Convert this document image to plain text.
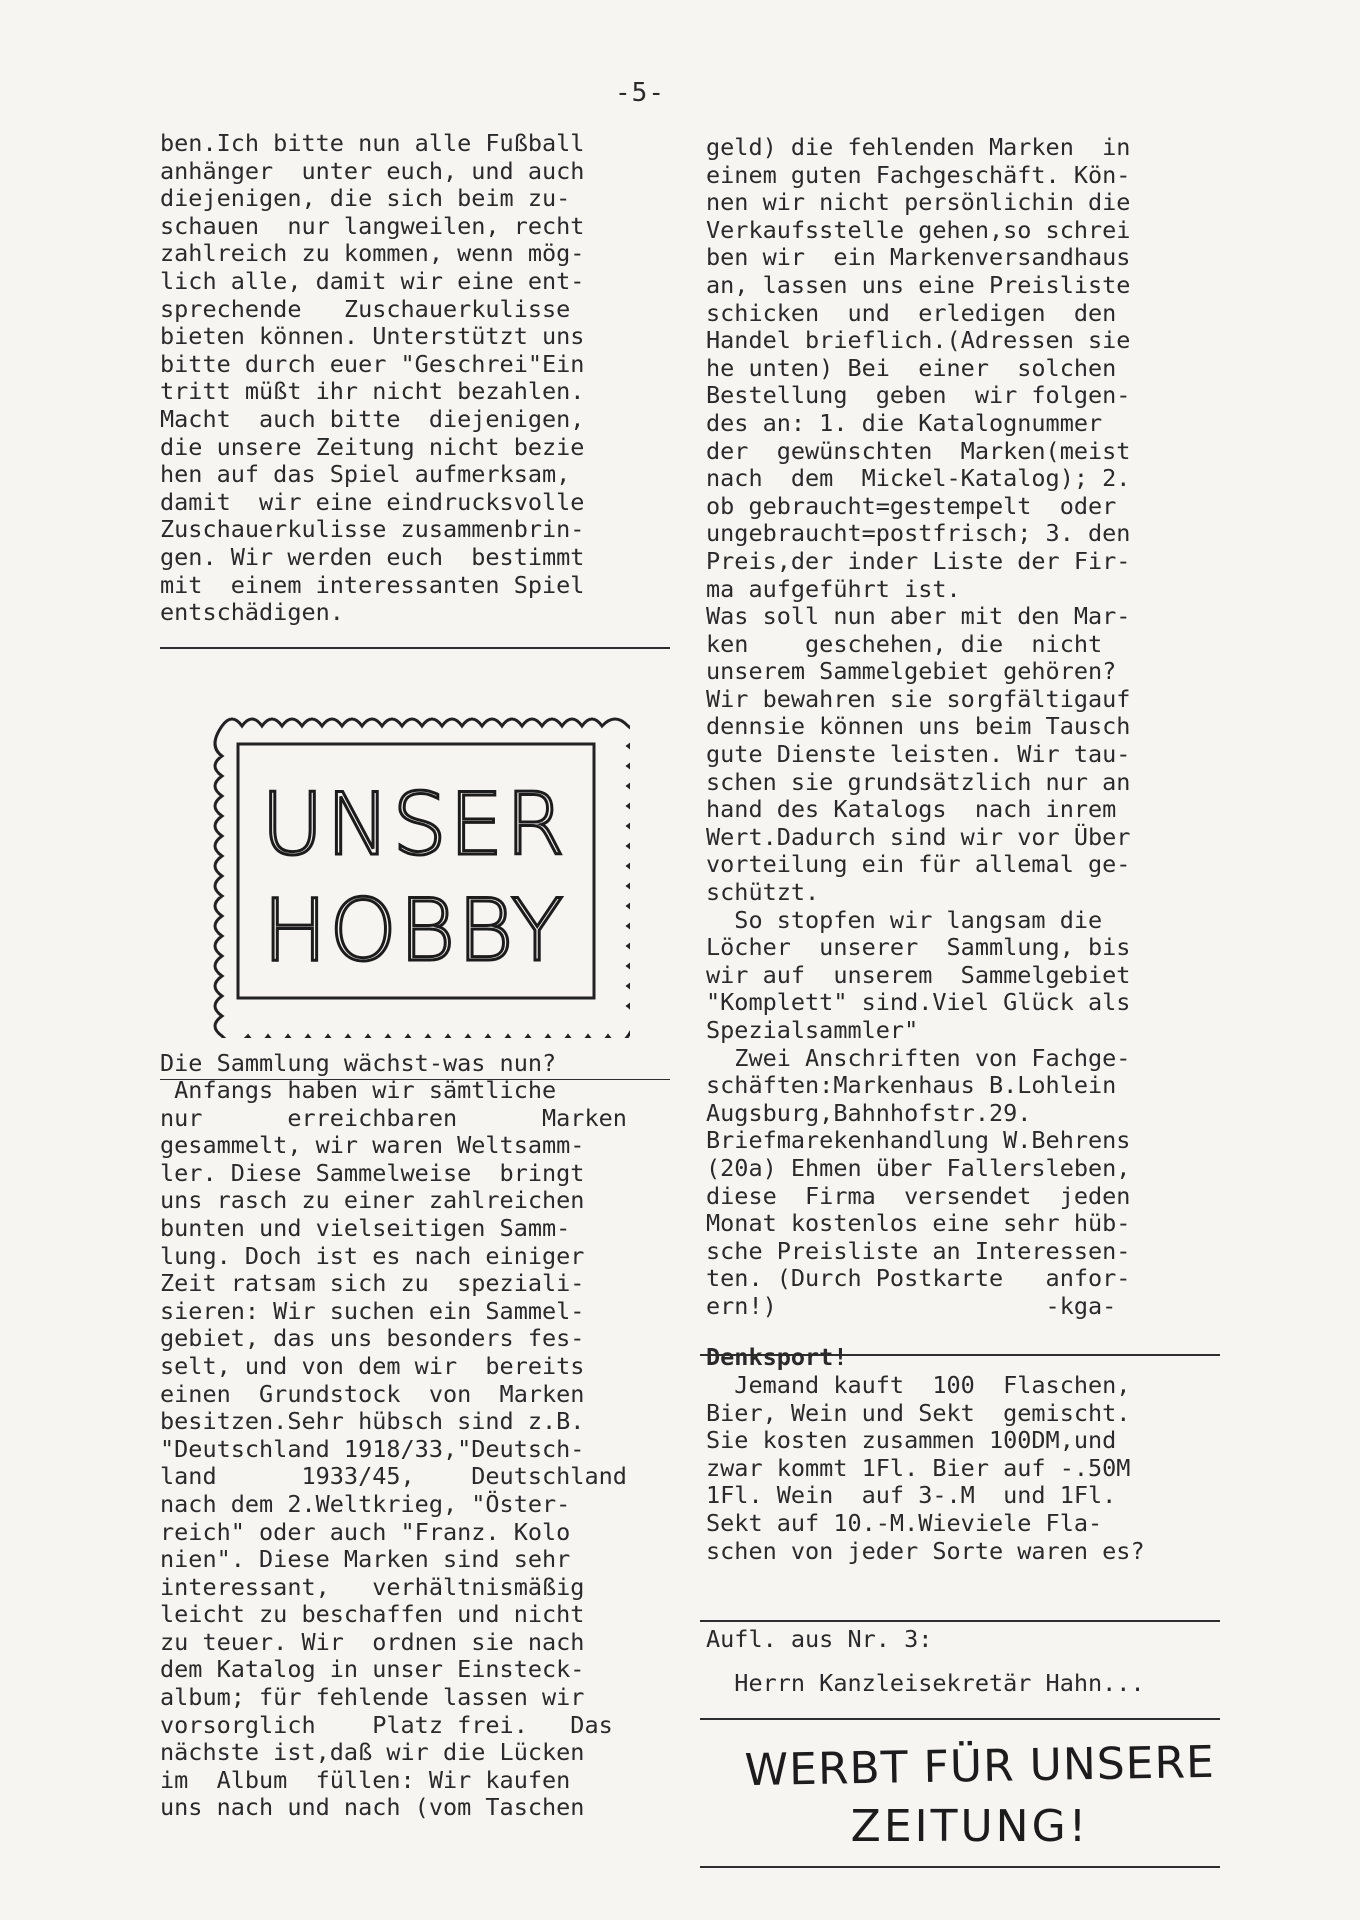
-5-
ben.Ich bitte nun alle Fußball
anhänger  unter euch, und auch
diejenigen, die sich beim zu-
schauen  nur langweilen, recht
zahlreich zu kommen, wenn mög-
lich alle, damit wir eine ent-
sprechende   Zuschauerkulisse
bieten können. Unterstützt uns
bitte durch euer "Geschrei"Ein
tritt müßt ihr nicht bezahlen.
Macht  auch bitte  diejenigen,
die unsere Zeitung nicht bezie
hen auf das Spiel aufmerksam,
damit  wir eine eindrucksvolle
Zuschauerkulisse zusammenbrin-
gen. Wir werden euch  bestimmt
mit  einem interessanten Spiel
entschädigen.
UNSER
HOBBY
Die Sammlung wächst-was nun?
Anfangs haben wir sämtliche
nur      erreichbaren      Marken
gesammelt, wir waren Weltsamm-
ler. Diese Sammelweise  bringt
uns rasch zu einer zahlreichen
bunten und vielseitigen Samm-
lung. Doch ist es nach einiger
Zeit ratsam sich zu  speziali-
sieren: Wir suchen ein Sammel-
gebiet, das uns besonders fes-
selt, und von dem wir  bereits
einen  Grundstock  von  Marken
besitzen.Sehr hübsch sind z.B.
"Deutschland 1918/33,"Deutsch-
land      1933/45,    Deutschland
nach dem 2.Weltkrieg, "Öster-
reich" oder auch "Franz. Kolo
nien". Diese Marken sind sehr
interessant,   verhältnismäßig
leicht zu beschaffen und nicht
zu teuer. Wir  ordnen sie nach
dem Katalog in unser Einsteck-
album; für fehlende lassen wir
vorsorglich    Platz frei.   Das
nächste ist,daß wir die Lücken
im  Album  füllen: Wir kaufen
uns nach und nach (vom Taschen
geld) die fehlenden Marken  in
einem guten Fachgeschäft. Kön-
nen wir nicht persönlichin die
Verkaufsstelle gehen,so schrei
ben wir  ein Markenversandhaus
an, lassen uns eine Preisliste
schicken  und  erledigen  den
Handel brieflich.(Adressen sie
he unten) Bei  einer  solchen
Bestellung  geben  wir folgen-
des an: 1. die Katalognummer
der  gewünschten  Marken(meist
nach  dem  Mickel-Katalog); 2.
ob gebraucht=gestempelt  oder
ungebraucht=postfrisch; 3. den
Preis,der inder Liste der Fir-
ma aufgeführt ist.
Was soll nun aber mit den Mar-
ken    geschehen, die  nicht
unserem Sammelgebiet gehören?
Wir bewahren sie sorgfältigauf
dennsie können uns beim Tausch
gute Dienste leisten. Wir tau-
schen sie grundsätzlich nur an
hand des Katalogs  nach inrem
Wert.Dadurch sind wir vor Über
vorteilung ein für allemal ge-
schützt.
So stopfen wir langsam die
Löcher  unserer  Sammlung, bis
wir auf  unserem  Sammelgebiet
"Komplett" sind.Viel Glück als
Spezialsammler"
Zwei Anschriften von Fachge-
schäften:Markenhaus B.Lohlein
Augsburg,Bahnhofstr.29.
Briefmarekenhandlung W.Behrens
(20a) Ehmen über Fallersleben,
diese  Firma  versendet  jeden
Monat kostenlos eine sehr hüb-
sche Preisliste an Interessen-
ten. (Durch Postkarte   anfor-
ern!)                   -kga-
Denksport!
Jemand kauft  100  Flaschen,
Bier, Wein und Sekt  gemischt.
Sie kosten zusammen 100DM,und
zwar kommt 1Fl. Bier auf -.50M
1Fl. Wein  auf 3-.M  und 1Fl.
Sekt auf 10.-M.Wieviele Fla-
schen von jeder Sorte waren es?
Aufl. aus Nr. 3:
Herrn Kanzleisekretär Hahn...
WERBT FÜR UNSERE
ZEITUNG!
